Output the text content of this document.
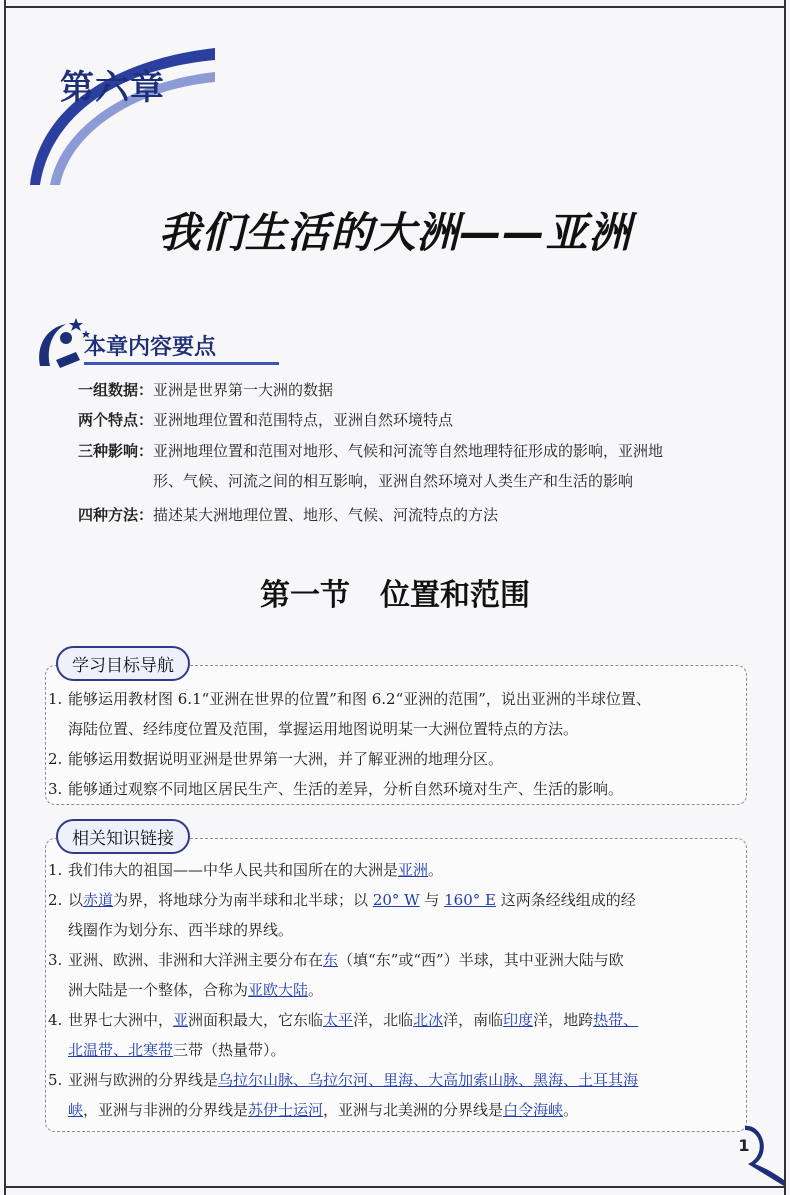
第六章
我们生活的大洲——亚洲
本章内容要点
一组数据：亚洲是世界第一大洲的数据
两个特点：亚洲地理位置和范围特点，亚洲自然环境特点
三种影响：亚洲地理位置和范围对地形、气候和河流等自然地理特征形成的影响，亚洲地
形、气候、河流之间的相互影响，亚洲自然环境对人类生产和生活的影响
四种方法：描述某大洲地理位置、地形、气候、河流特点的方法
第一节　位置和范围
学习目标导航
1. 能够运用教材图 6.1“亚洲在世界的位置”和图 6.2“亚洲的范围”，说出亚洲的半球位置、
海陆位置、经纬度位置及范围，掌握运用地图说明某一大洲位置特点的方法。
2. 能够运用数据说明亚洲是世界第一大洲，并了解亚洲的地理分区。
3. 能够通过观察不同地区居民生产、生活的差异，分析自然环境对生产、生活的影响。
相关知识链接
1. 我们伟大的祖国——中华人民共和国所在的大洲是亚洲。
2. 以赤道为界，将地球分为南半球和北半球；以 20° W 与 160° E 这两条经线组成的经
线圈作为划分东、西半球的界线。
3. 亚洲、欧洲、非洲和大洋洲主要分布在东（填“东”或“西”）半球，其中亚洲大陆与欧
洲大陆是一个整体，合称为亚欧大陆。
4. 世界七大洲中，亚洲面积最大，它东临太平洋，北临北冰洋，南临印度洋，地跨热带、
北温带、北寒带三带（热量带）。
5. 亚洲与欧洲的分界线是乌拉尔山脉、乌拉尔河、里海、大高加索山脉、黑海、土耳其海
峡，亚洲与非洲的分界线是苏伊士运河，亚洲与北美洲的分界线是白令海峡。
1
